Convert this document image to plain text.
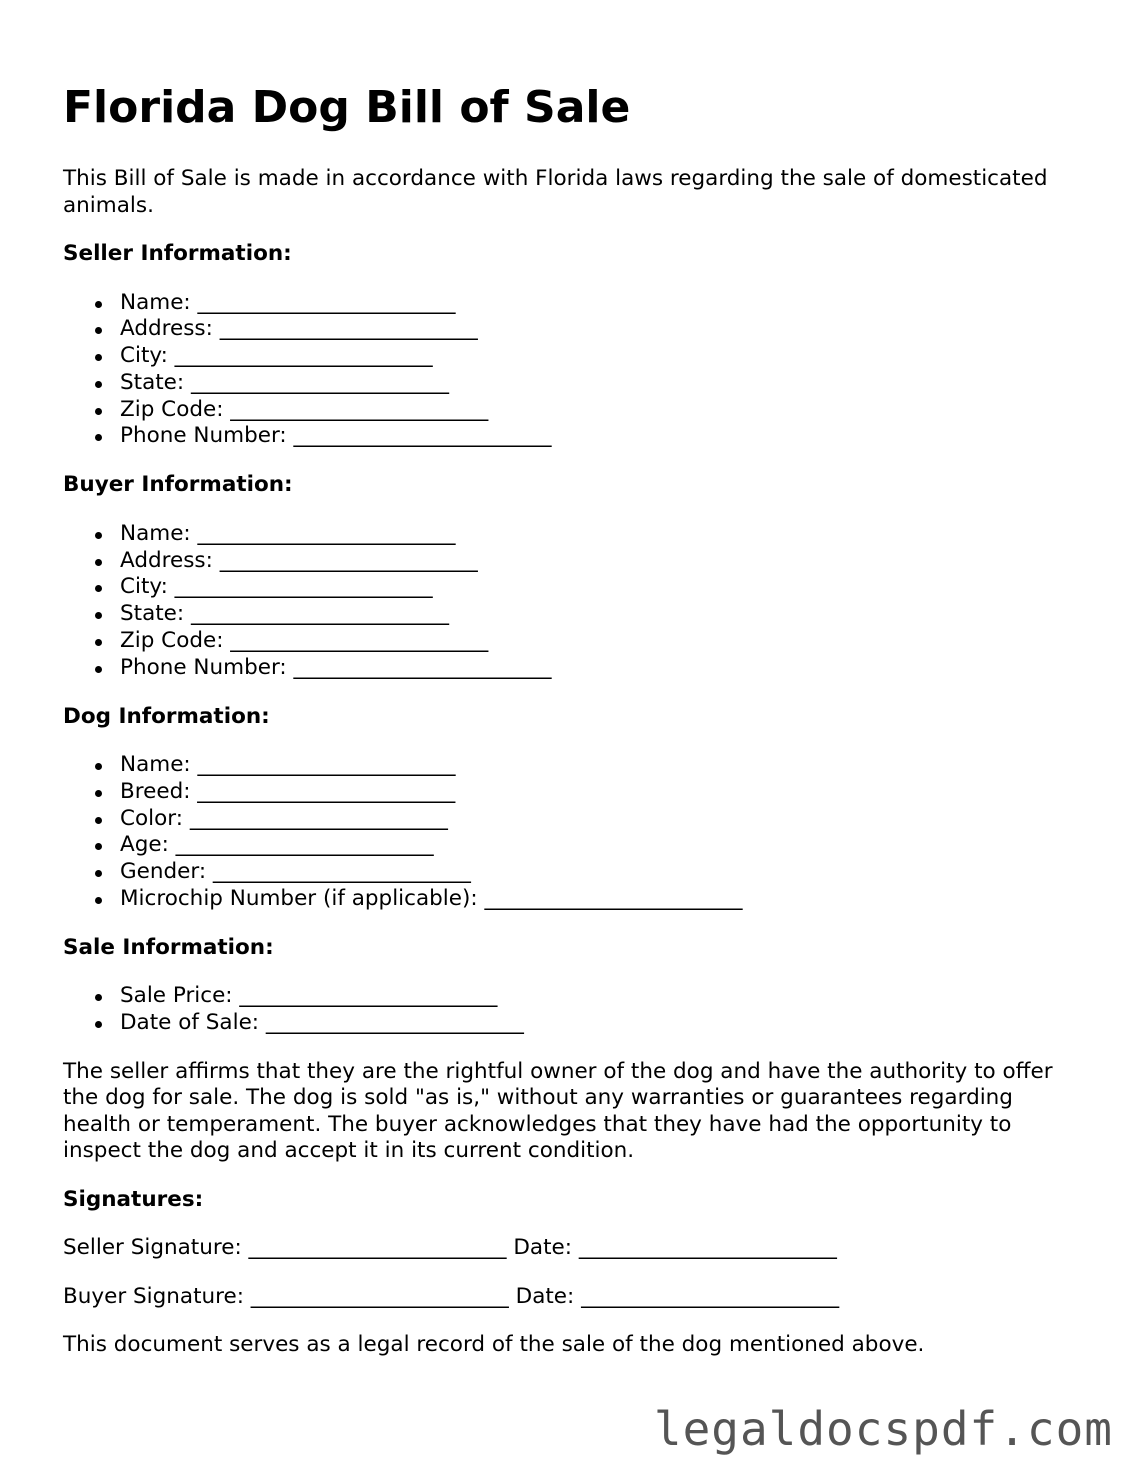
Florida Dog Bill of Sale

This Bill of Sale is made in accordance with Florida laws regarding the sale of domesticated animals.

Seller Information:
Name: ________________________
Address: ________________________
City: ________________________
State: ________________________
Zip Code: ________________________
Phone Number: ________________________
Buyer Information:
Name: ________________________
Address: ________________________
City: ________________________
State: ________________________
Zip Code: ________________________
Phone Number: ________________________
Dog Information:
Name: ________________________
Breed: ________________________
Color: ________________________
Age: ________________________
Gender: ________________________
Microchip Number (if applicable): ________________________
Sale Information:
Sale Price: ________________________
Date of Sale: ________________________

The seller affirms that they are the rightful owner of the dog and have the authority to offer the dog for sale. The dog is sold "as is," without any warranties or guarantees regarding health or temperament. The buyer acknowledges that they have had the opportunity to inspect the dog and accept it in its current condition.

Signatures:

Seller Signature: ________________________ Date: ________________________

Buyer Signature: ________________________ Date: ________________________

This document serves as a legal record of the sale of the dog mentioned above.

legaldocspdf.com
